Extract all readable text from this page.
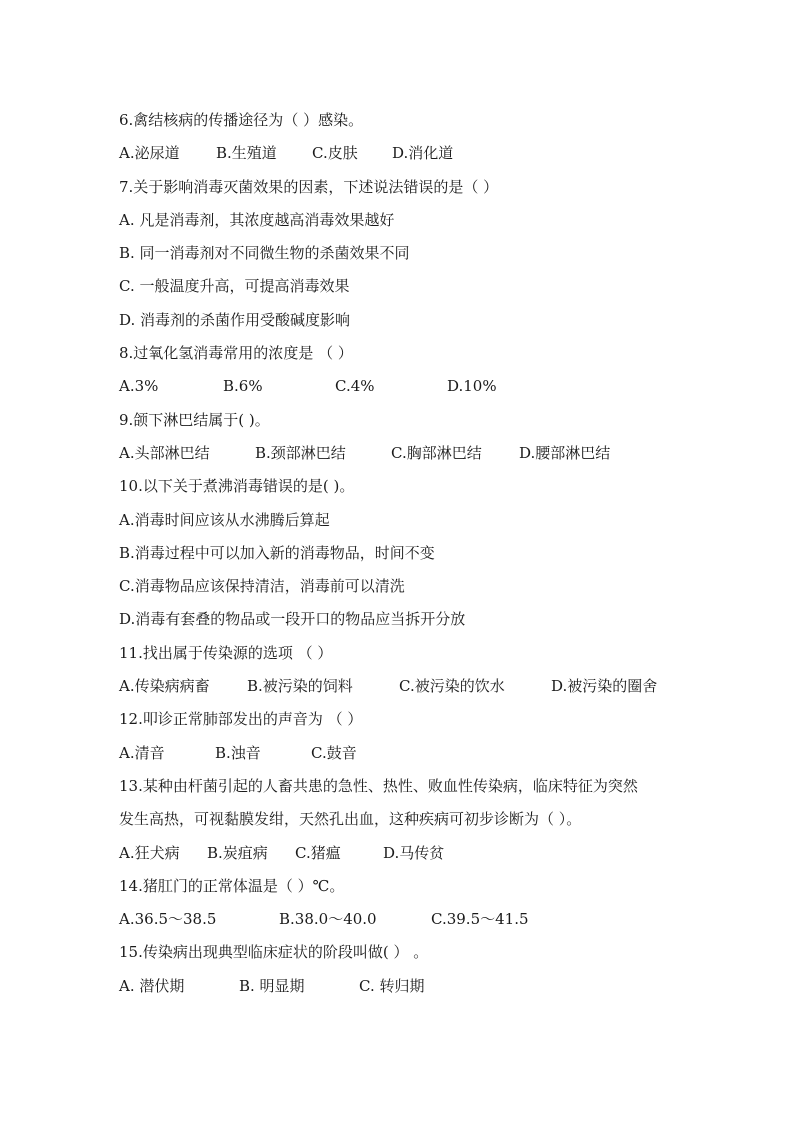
6.禽结核病的传播途径为（ ）感染。
A.泌尿道 B.生殖道 C.皮肤 D.消化道
7.关于影响消毒灭菌效果的因素，下述说法错误的是（ ）
A. 凡是消毒剂，其浓度越高消毒效果越好
B. 同一消毒剂对不同微生物的杀菌效果不同
C. 一般温度升高，可提高消毒效果
D. 消毒剂的杀菌作用受酸碱度影响
8.过氧化氢消毒常用的浓度是 （ ）
A.3%	B.6%	C.4%	D.10%
9.颌下淋巴结属于( )。
A.头部淋巴结	B.颈部淋巴结	C.胸部淋巴结 D.腰部淋巴结
10.以下关于煮沸消毒错误的是( )。
A.消毒时间应该从水沸腾后算起
B.消毒过程中可以加入新的消毒物品，时间不变
C.消毒物品应该保持清洁，消毒前可以清洗
D.消毒有套叠的物品或一段开口的物品应当拆开分放
11.找出属于传染源的选项 （ ）
A.传染病病畜 B.被污染的饲料	C.被污染的饮水	D.被污染的圈舍
12.叩诊正常肺部发出的声音为 （ ）
A.清音	B.浊音	C.鼓音
13.某种由杆菌引起的人畜共患的急性、热性、败血性传染病，临床特征为突然
发生高热，可视黏膜发绀，天然孔出血，这种疾病可初步诊断为（ ）。
A.狂犬病 B.炭疽病 C.猪瘟	D.马传贫
14.猪肛门的正常体温是（ ）℃。
A.36.5～38.5	B.38.0～40.0	C.39.5～41.5
15.传染病出现典型临床症状的阶段叫做( ） 。
A. 潜伏期	B. 明显期	C. 转归期
